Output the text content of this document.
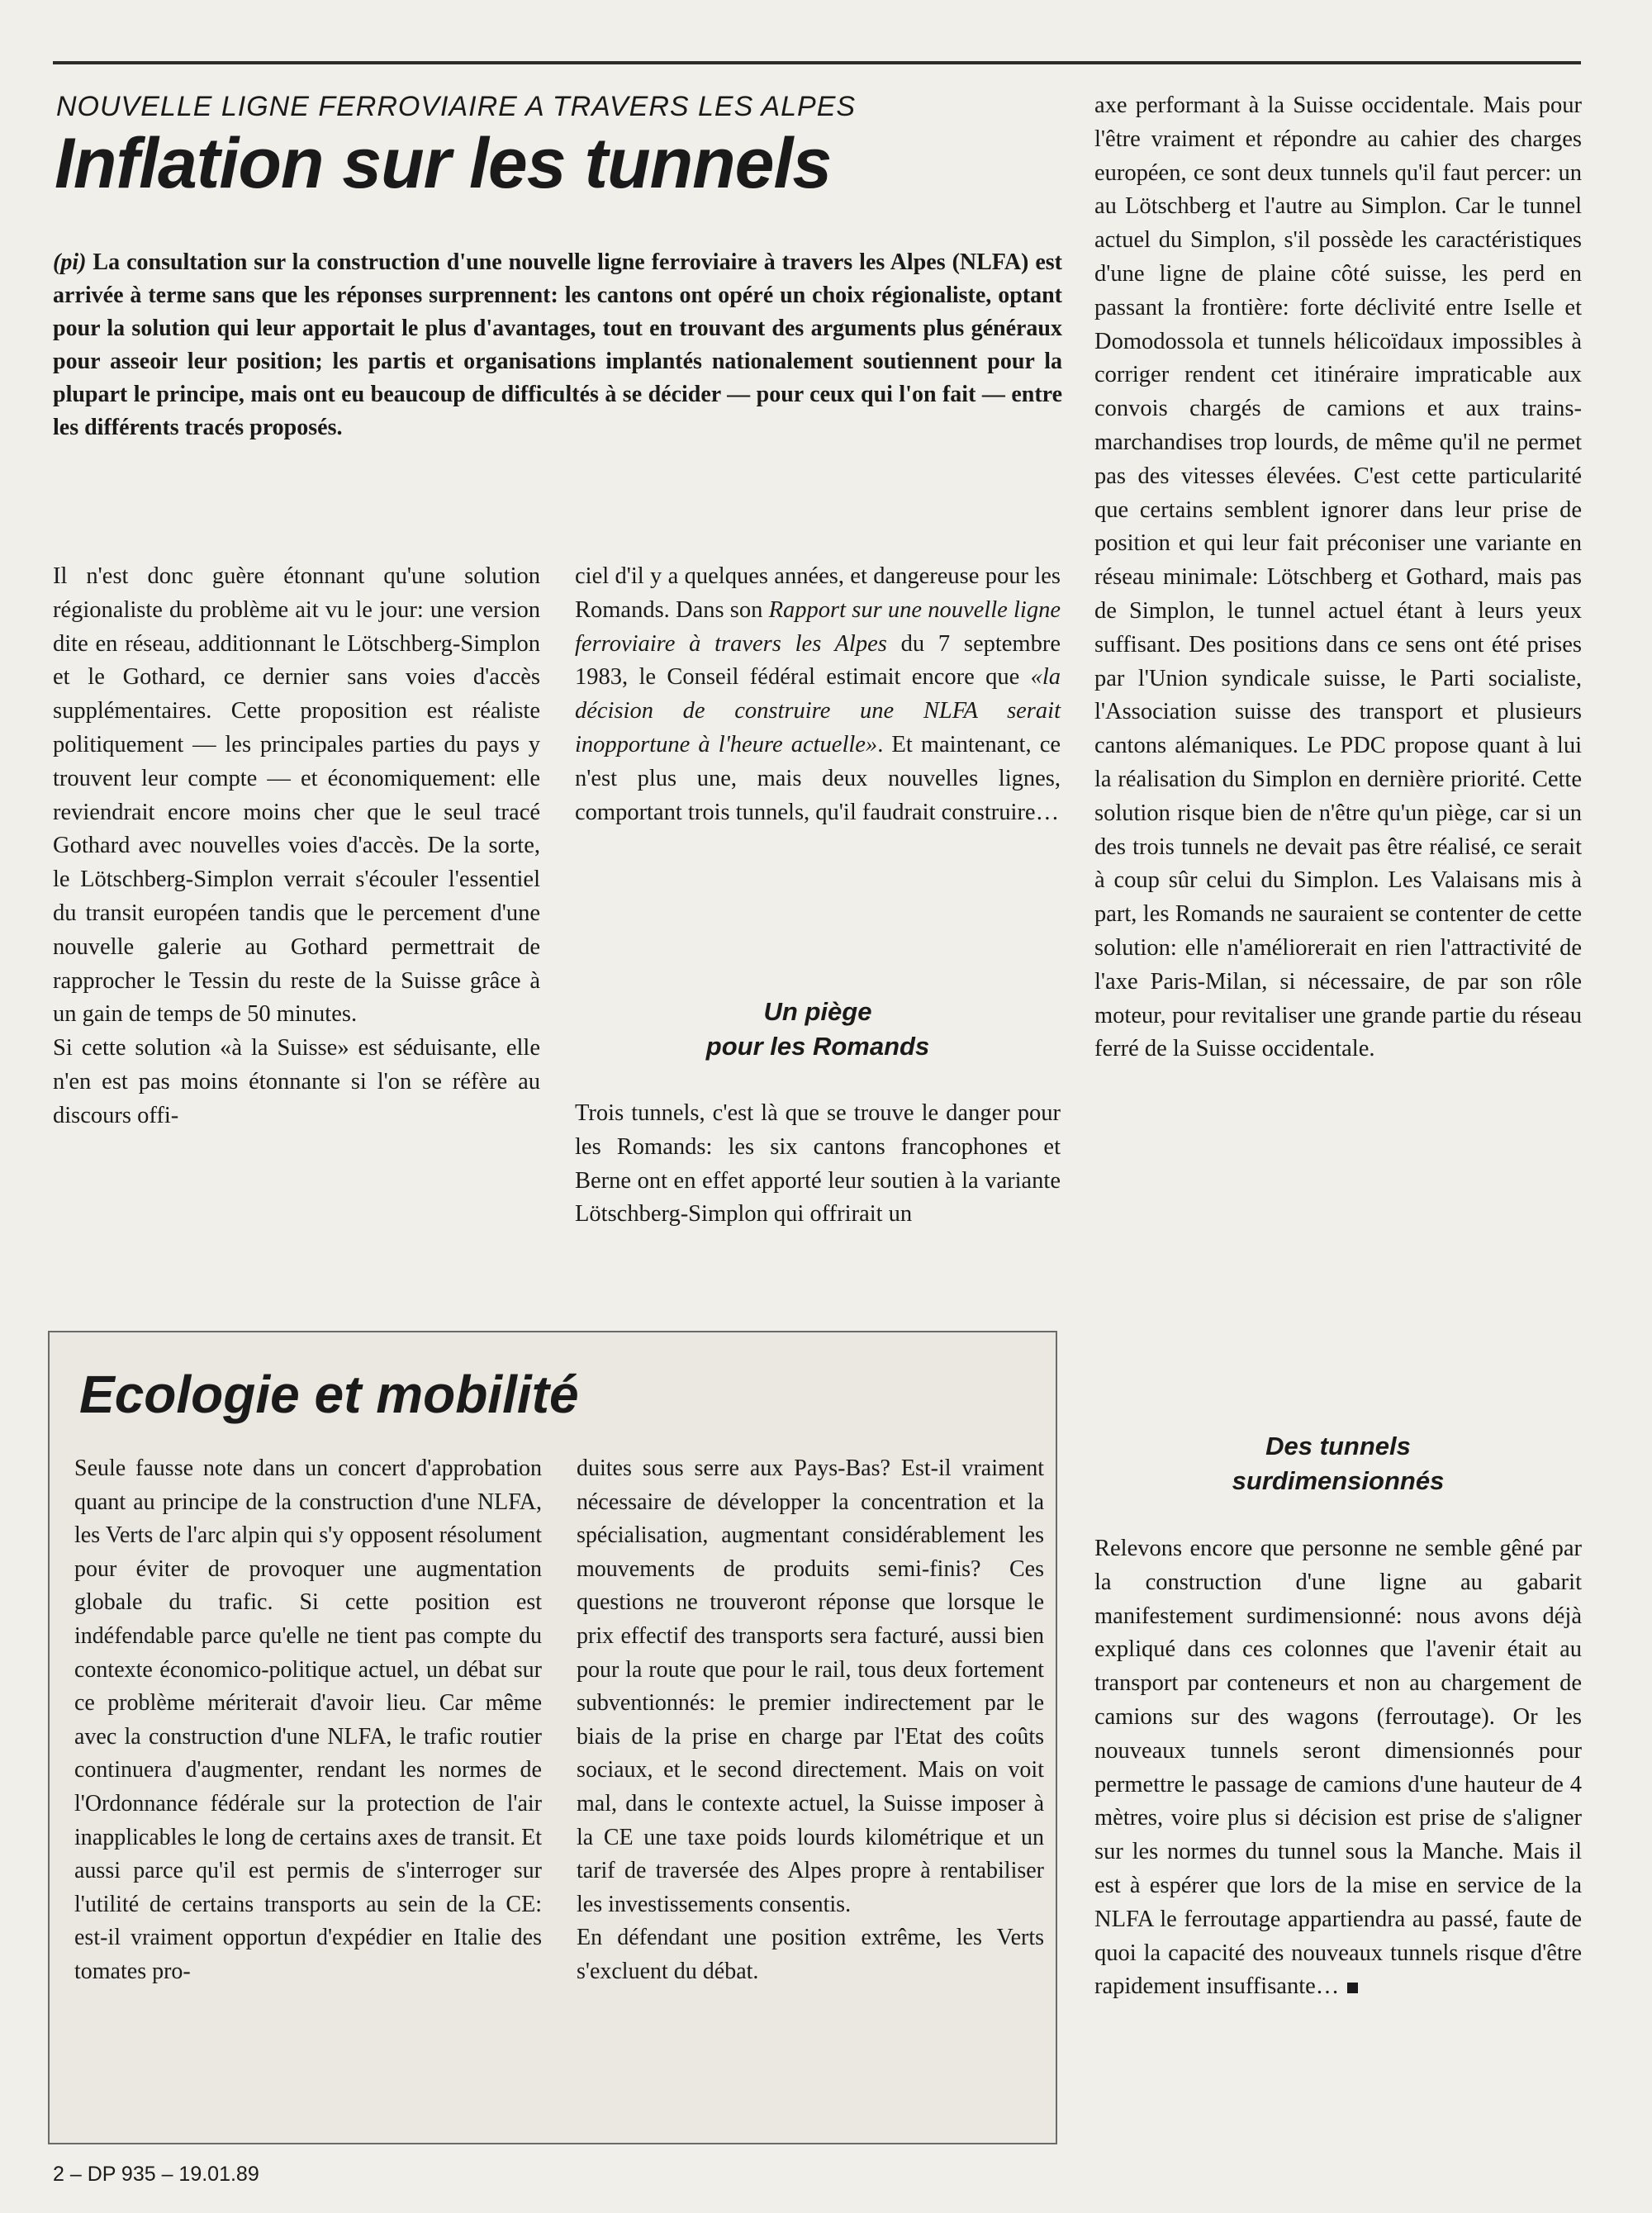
NOUVELLE LIGNE FERROVIAIRE A TRAVERS LES ALPES
Inflation sur les tunnels

(pi) La consultation sur la construction d'une nouvelle ligne ferroviaire à travers les Alpes (NLFA) est arrivée à terme sans que les réponses surprennent: les cantons ont opéré un choix régionaliste, optant pour la solution qui leur apportait le plus d'avantages, tout en trouvant des arguments plus généraux pour asseoir leur position; les partis et organisations implantés nationalement soutiennent pour la plupart le principe, mais ont eu beaucoup de difficultés à se décider — pour ceux qui l'on fait — entre les différents tracés proposés.

Il n'est donc guère étonnant qu'une solution régionaliste du problème ait vu le jour: une version dite en réseau, additionnant le Lötschberg-Simplon et le Gothard, ce dernier sans voies d'accès supplémentaires. Cette proposition est réaliste politiquement — les principales parties du pays y trouvent leur compte — et économiquement: elle reviendrait encore moins cher que le seul tracé Gothard avec nouvelles voies d'accès. De la sorte, le Lötschberg-Simplon verrait s'écouler l'essentiel du transit européen tandis que le percement d'une nouvelle galerie au Gothard permettrait de rapprocher le Tessin du reste de la Suisse grâce à un gain de temps de 50 minutes.

Si cette solution «à la Suisse» est séduisante, elle n'en est pas moins étonnante si l'on se réfère au discours offi-

ciel d'il y a quelques années, et dangereuse pour les Romands. Dans son Rapport sur une nouvelle ligne ferroviaire à travers les Alpes du 7 septembre 1983, le Conseil fédéral estimait encore que «la décision de construire une NLFA serait inopportune à l'heure actuelle». Et maintenant, ce n'est plus une, mais deux nouvelles lignes, comportant trois tunnels, qu'il faudrait construire…

Un piège
pour les Romands

Trois tunnels, c'est là que se trouve le danger pour les Romands: les six cantons francophones et Berne ont en effet apporté leur soutien à la variante Lötschberg-Simplon qui offrirait un

axe performant à la Suisse occidentale. Mais pour l'être vraiment et répondre au cahier des charges européen, ce sont deux tunnels qu'il faut percer: un au Lötschberg et l'autre au Simplon. Car le tunnel actuel du Simplon, s'il possède les caractéristiques d'une ligne de plaine côté suisse, les perd en passant la frontière: forte déclivité entre Iselle et Domodossola et tunnels hélicoïdaux impossibles à corriger rendent cet itinéraire impraticable aux convois chargés de camions et aux trains-marchandises trop lourds, de même qu'il ne permet pas des vitesses élevées. C'est cette particularité que certains semblent ignorer dans leur prise de position et qui leur fait préconiser une variante en réseau minimale: Lötschberg et Gothard, mais pas de Simplon, le tunnel actuel étant à leurs yeux suffisant. Des positions dans ce sens ont été prises par l'Union syndicale suisse, le Parti socialiste, l'Association suisse des transport et plusieurs cantons alémaniques. Le PDC propose quant à lui la réalisation du Simplon en dernière priorité. Cette solution risque bien de n'être qu'un piège, car si un des trois tunnels ne devait pas être réalisé, ce serait à coup sûr celui du Simplon. Les Valaisans mis à part, les Romands ne sauraient se contenter de cette solution: elle n'améliorerait en rien l'attractivité de l'axe Paris-Milan, si nécessaire, de par son rôle moteur, pour revitaliser une grande partie du réseau ferré de la Suisse occidentale.

Des tunnels
surdimensionnés

Relevons encore que personne ne semble gêné par la construction d'une ligne au gabarit manifestement surdimensionné: nous avons déjà expliqué dans ces colonnes que l'avenir était au transport par conteneurs et non au chargement de camions sur des wagons (ferroutage). Or les nouveaux tunnels seront dimensionnés pour permettre le passage de camions d'une hauteur de 4 mètres, voire plus si décision est prise de s'aligner sur les normes du tunnel sous la Manche. Mais il est à espérer que lors de la mise en service de la NLFA le ferroutage appartiendra au passé, faute de quoi la capacité des nouveaux tunnels risque d'être rapidement insuffisante…

Ecologie et mobilité

Seule fausse note dans un concert d'approbation quant au principe de la construction d'une NLFA, les Verts de l'arc alpin qui s'y opposent résolument pour éviter de provoquer une augmentation globale du trafic. Si cette position est indéfendable parce qu'elle ne tient pas compte du contexte économico-politique actuel, un débat sur ce problème mériterait d'avoir lieu. Car même avec la construction d'une NLFA, le trafic routier continuera d'augmenter, rendant les normes de l'Ordonnance fédérale sur la protection de l'air inapplicables le long de certains axes de transit. Et aussi parce qu'il est permis de s'interroger sur l'utilité de certains transports au sein de la CE: est-il vraiment opportun d'expédier en Italie des tomates pro-

duites sous serre aux Pays-Bas? Est-il vraiment nécessaire de développer la concentration et la spécialisation, augmentant considérablement les mouvements de produits semi-finis? Ces questions ne trouveront réponse que lorsque le prix effectif des transports sera facturé, aussi bien pour la route que pour le rail, tous deux fortement subventionnés: le premier indirectement par le biais de la prise en charge par l'Etat des coûts sociaux, et le second directement. Mais on voit mal, dans le contexte actuel, la Suisse imposer à la CE une taxe poids lourds kilométrique et un tarif de traversée des Alpes propre à rentabiliser les investissements consentis.

En défendant une position extrême, les Verts s'excluent du débat.

2 – DP 935 – 19.01.89
